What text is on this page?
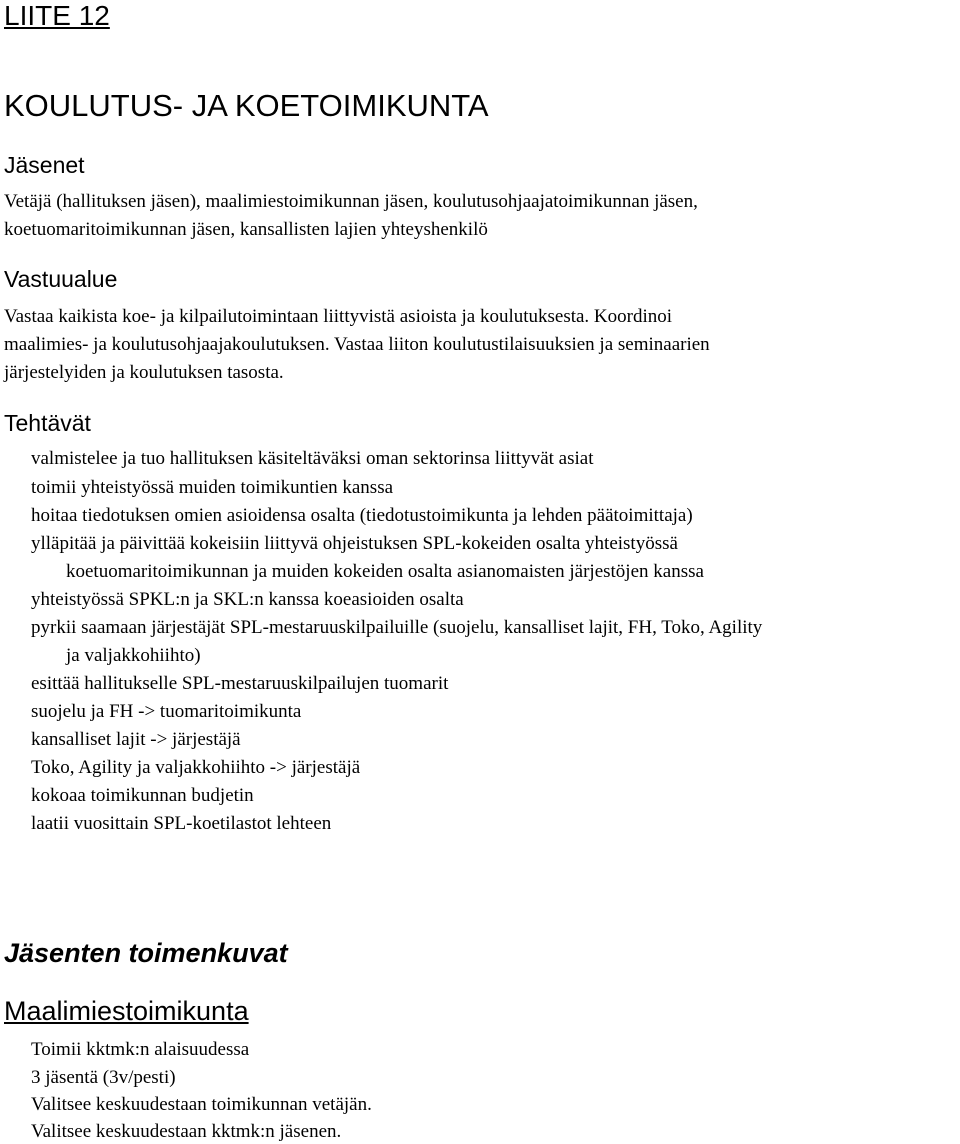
LIITE 12
KOULUTUS- JA KOETOIMIKUNTA
Jäsenet
Vetäjä (hallituksen jäsen), maalimiestoimikunnan jäsen, koulutusohjaajatoimikunnan jäsen,
koetuomaritoimikunnan jäsen, kansallisten lajien yhteyshenkilö
Vastuualue
Vastaa kaikista koe- ja kilpailutoimintaan liittyvistä asioista ja koulutuksesta. Koordinoi
maalimies- ja koulutusohjaajakoulutuksen. Vastaa liiton koulutustilaisuuksien ja seminaarien
järjestelyiden ja koulutuksen tasosta.
Tehtävät
valmistelee ja tuo hallituksen käsiteltäväksi oman sektorinsa liittyvät asiat
toimii yhteistyössä muiden toimikuntien kanssa
hoitaa tiedotuksen omien asioidensa osalta (tiedotustoimikunta ja lehden päätoimittaja)
ylläpitää ja päivittää kokeisiin liittyvä ohjeistuksen SPL-kokeiden osalta yhteistyössä
koetuomaritoimikunnan ja muiden kokeiden osalta asianomaisten järjestöjen kanssa
yhteistyössä SPKL:n ja SKL:n kanssa koeasioiden osalta
pyrkii saamaan järjestäjät SPL-mestaruuskilpailuille (suojelu, kansalliset lajit, FH, Toko, Agility
ja valjakkohiihto)
esittää hallitukselle SPL-mestaruuskilpailujen tuomarit
suojelu ja FH -> tuomaritoimikunta
kansalliset lajit -> järjestäjä
Toko, Agility ja valjakkohiihto -> järjestäjä
kokoaa toimikunnan budjetin
laatii vuosittain SPL-koetilastot lehteen
Jäsenten toimenkuvat
Maalimiestoimikunta
Toimii kktmk:n alaisuudessa
3 jäsentä (3v/pesti)
Valitsee keskuudestaan toimikunnan vetäjän.
Valitsee keskuudestaan kktmk:n jäsenen.
